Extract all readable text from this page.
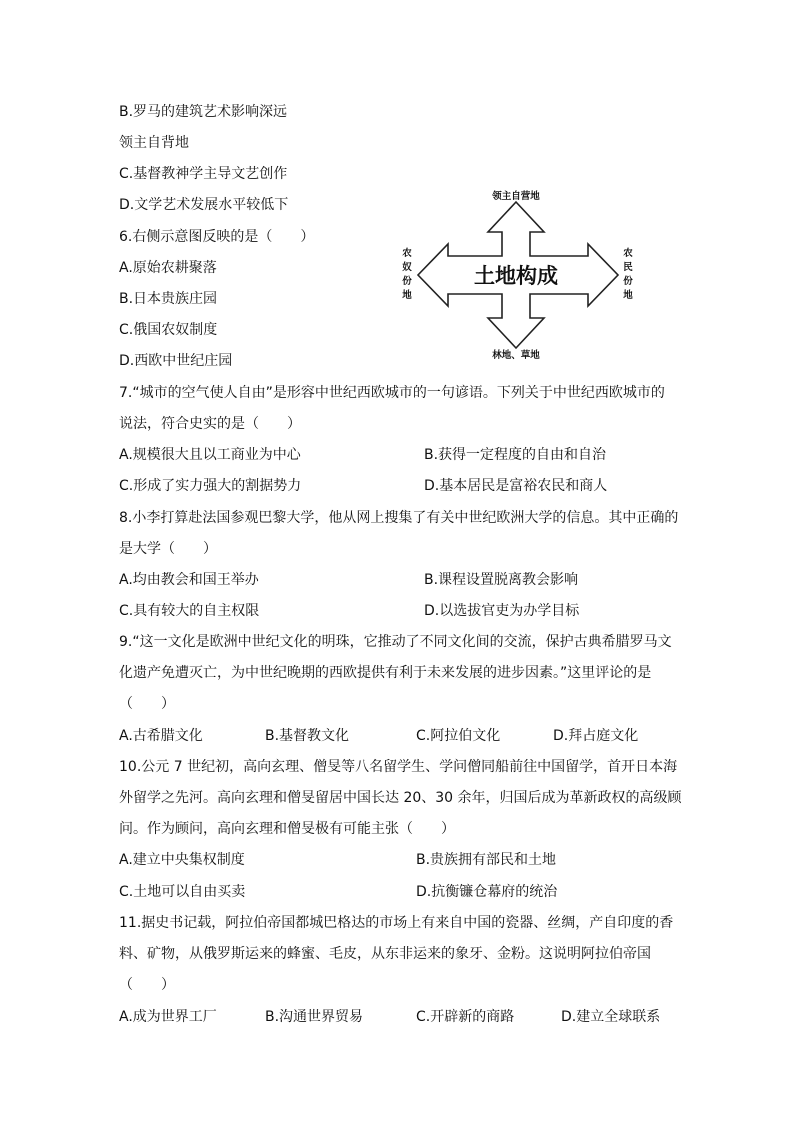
B.罗马的建筑艺术影响深远
领主自背地
C.基督教神学主导文艺创作
D.文学艺术发展水平较低下
6.右侧示意图反映的是（　　）
A.原始农耕聚落
B.日本贵族庄园
C.俄国农奴制度
D.西欧中世纪庄园
7.“城市的空气使人自由”是形容中世纪西欧城市的一句谚语。下列关于中世纪西欧城市的
说法，符合史实的是（　　）
A.规模很大且以工商业为中心	B.获得一定程度的自由和自治
C.形成了实力强大的割据势力	D.基本居民是富裕农民和商人
8.小李打算赴法国参观巴黎大学，他从网上搜集了有关中世纪欧洲大学的信息。其中正确的
是大学（　　）
A.均由教会和国王举办	B.课程设置脱离教会影响
C.具有较大的自主权限	D.以选拔官吏为办学目标
9.“这一文化是欧洲中世纪文化的明珠，它推动了不同文化间的交流，保护古典希腊罗马文
化遗产免遭灭亡，为中世纪晚期的西欧提供有利于未来发展的进步因素。”这里评论的是
（　　）
A.古希腊文化	B.基督教文化	C.阿拉伯文化	D.拜占庭文化
10.公元 7 世纪初，高向玄理、僧旻等八名留学生、学问僧同船前往中国留学，首开日本海
外留学之先河。高向玄理和僧旻留居中国长达 20、30 余年，归国后成为革新政权的高级顾
问。作为顾问，高向玄理和僧旻极有可能主张（　　）
A.建立中央集权制度	B.贵族拥有部民和土地
C.土地可以自由买卖	D.抗衡镰仓幕府的统治
11.据史书记载，阿拉伯帝国都城巴格达的市场上有来自中国的瓷器、丝绸，产自印度的香
料、矿物，从俄罗斯运来的蜂蜜、毛皮，从东非运来的象牙、金粉。这说明阿拉伯帝国
（　　）
A.成为世界工厂	B.沟通世界贸易	C.开辟新的商路	D.建立全球联系
土地构成
领主自营地
林地、草地
农
奴
份
地
农
民
份
地
